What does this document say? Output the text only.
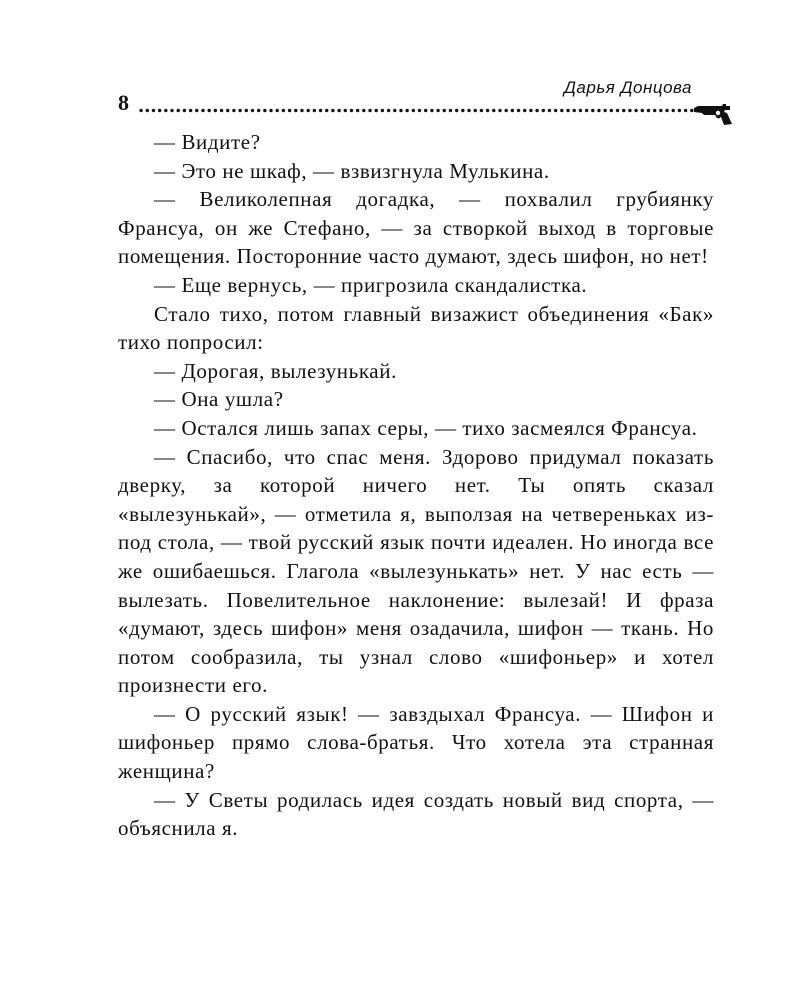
8
Дарья Донцова

— Видите?

— Это не шкаф, — взвизгнула Мулькина.

— Великолепная догадка, — похвалил грубиянку Франсуа, он же Стефано, — за створкой выход в торговые помещения. Посторонние часто думают, здесь шифон, но нет!

— Еще вернусь, — пригрозила скандалистка.

Стало тихо, потом главный визажист объединения «Бак» тихо попросил:

— Дорогая, вылезунькай.

— Она ушла?

— Остался лишь запах серы, — тихо засмеялся Франсуа.

— Спасибо, что спас меня. Здорово придумал показать дверку, за которой ничего нет. Ты опять сказал «вылезунькай», — отметила я, выползая на четвереньках из-под стола, — твой русский язык почти идеален. Но иногда все же ошибаешься. Глагола «вылезунькать» нет. У нас есть — вылезать. Повелительное наклонение: вылезай! И фраза «думают, здесь шифон» меня озадачила, шифон — ткань. Но потом сообразила, ты узнал слово «шифоньер» и хотел произнести его.

— О русский язык! — завздыхал Франсуа. — Шифон и шифоньер прямо слова-братья. Что хотела эта странная женщина?

— У Светы родилась идея создать новый вид спорта, — объяснила я.
